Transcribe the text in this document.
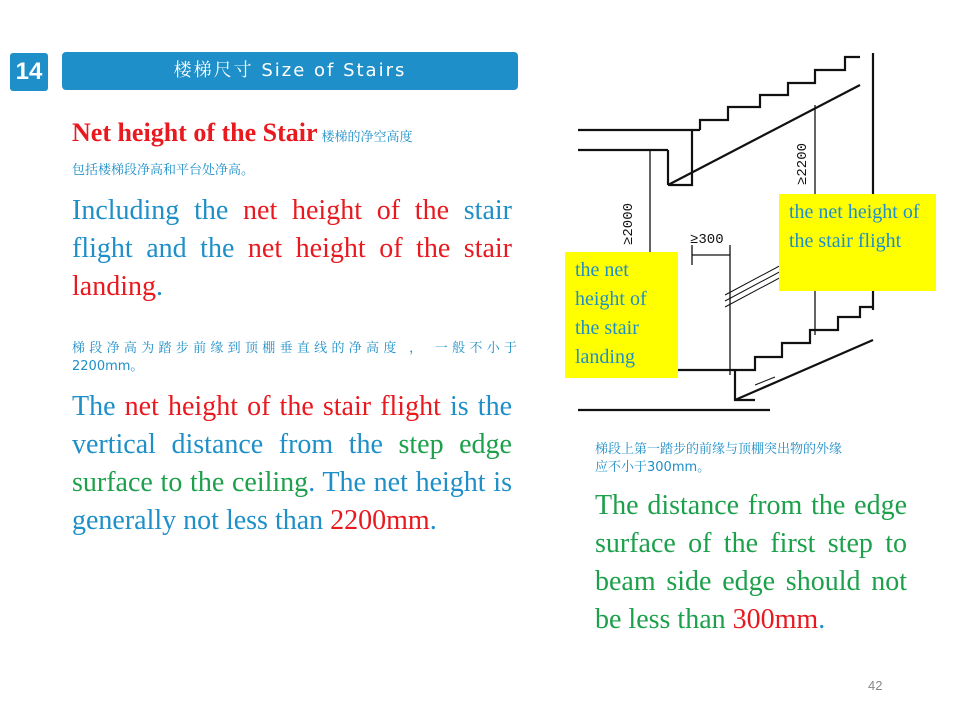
14	楼梯尺寸 Size of Stairs
Net height of the Stair 楼梯的净空高度
包括楼梯段净高和平台处净高。
Including the net height of the stair flight and the net height of the stair landing.
梯段净高为踏步前缘到顶棚垂直线的净高度 ， 一般不小于
2200mm。
The net height of the stair flight is the vertical distance from the step edge surface to the ceiling. The net height is generally not less than 2200mm.
≥2200
≥2000	≥300
the net height of the stair flight
the net height of the stair landing
梯段上第一踏步的前缘与顶棚突出物的外缘
应不小于300mm。
The distance from the edge surface of the first step to beam side edge should not be less than 300mm.
42
